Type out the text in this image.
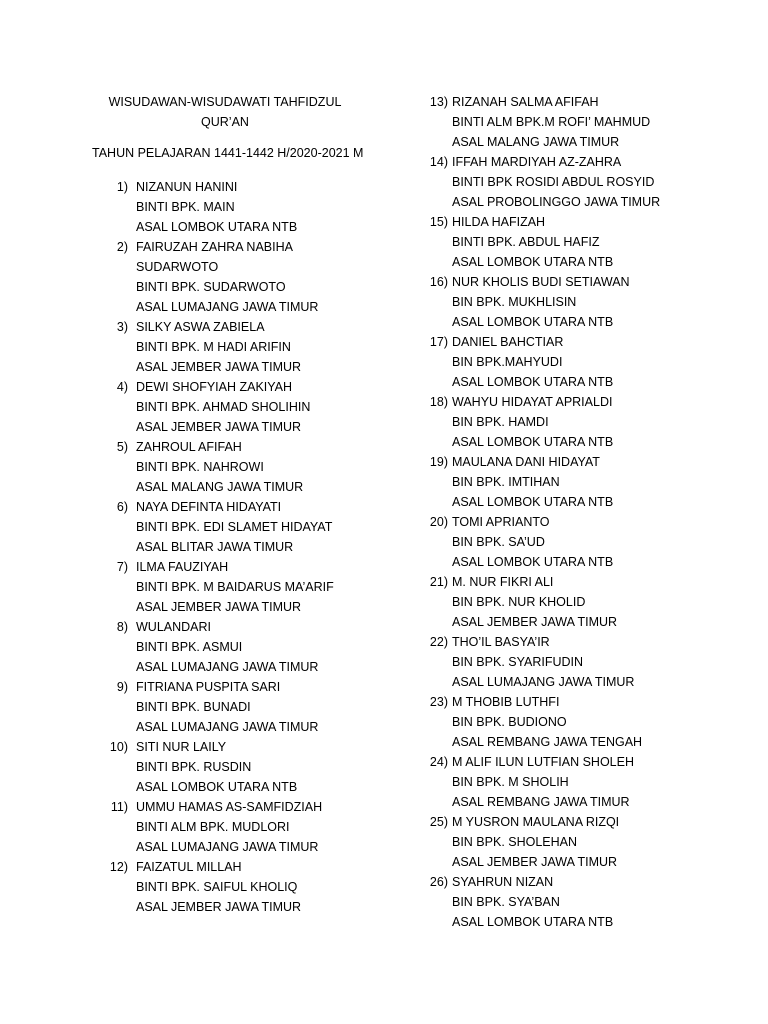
WISUDAWAN-WISUDAWATI TAHFIDZUL
QUR’AN
TAHUN PELAJARAN 1441-1442 H/2020-2021 M
1) NIZANUN HANINI
BINTI BPK. MAIN
ASAL LOMBOK UTARA NTB
2) FAIRUZAH ZAHRA NABIHA
SUDARWOTO
BINTI BPK. SUDARWOTO
ASAL LUMAJANG JAWA TIMUR
3) SILKY ASWA ZABIELA
BINTI BPK. M HADI ARIFIN
ASAL JEMBER JAWA TIMUR
4) DEWI SHOFYIAH ZAKIYAH
BINTI BPK. AHMAD SHOLIHIN
ASAL JEMBER JAWA TIMUR
5) ZAHROUL AFIFAH
BINTI BPK. NAHROWI
ASAL MALANG JAWA TIMUR
6) NAYA DEFINTA HIDAYATI
BINTI BPK. EDI SLAMET HIDAYAT
ASAL BLITAR JAWA TIMUR
7) ILMA FAUZIYAH
BINTI BPK. M BAIDARUS MA’ARIF
ASAL JEMBER JAWA TIMUR
8) WULANDARI
BINTI BPK. ASMUI
ASAL LUMAJANG JAWA TIMUR
9) FITRIANA PUSPITA SARI
BINTI BPK. BUNADI
ASAL LUMAJANG JAWA TIMUR
10) SITI NUR LAILY
BINTI BPK. RUSDIN
ASAL LOMBOK UTARA NTB
11) UMMU HAMAS AS-SAMFIDZIAH
BINTI ALM BPK. MUDLORI
ASAL LUMAJANG JAWA TIMUR
12) FAIZATUL MILLAH
BINTI BPK. SAIFUL KHOLIQ
ASAL JEMBER JAWA TIMUR
13) RIZANAH SALMA AFIFAH
BINTI ALM BPK.M ROFI’ MAHMUD
ASAL MALANG JAWA TIMUR
14) IFFAH MARDIYAH AZ-ZAHRA
BINTI BPK ROSIDI ABDUL ROSYID
ASAL PROBOLINGGO JAWA TIMUR
15) HILDA HAFIZAH
BINTI BPK. ABDUL HAFIZ
ASAL LOMBOK UTARA NTB
16) NUR KHOLIS BUDI SETIAWAN
BIN BPK. MUKHLISIN
ASAL LOMBOK UTARA NTB
17) DANIEL BAHCTIAR
BIN BPK.MAHYUDI
ASAL LOMBOK UTARA NTB
18) WAHYU HIDAYAT APRIALDI
BIN BPK. HAMDI
ASAL LOMBOK UTARA NTB
19) MAULANA DANI HIDAYAT
BIN BPK. IMTIHAN
ASAL LOMBOK UTARA NTB
20) TOMI APRIANTO
BIN BPK. SA’UD
ASAL LOMBOK UTARA NTB
21) M. NUR FIKRI ALI
BIN BPK. NUR KHOLID
ASAL JEMBER JAWA TIMUR
22) THO’IL BASYA’IR
BIN BPK. SYARIFUDIN
ASAL LUMAJANG JAWA TIMUR
23) M THOBIB LUTHFI
BIN BPK. BUDIONO
ASAL REMBANG JAWA TENGAH
24) M ALIF ILUN LUTFIAN SHOLEH
BIN BPK. M SHOLIH
ASAL REMBANG JAWA TIMUR
25) M YUSRON MAULANA RIZQI
BIN BPK. SHOLEHAN
ASAL JEMBER JAWA TIMUR
26) SYAHRUN NIZAN
BIN BPK. SYA’BAN
ASAL LOMBOK UTARA NTB
